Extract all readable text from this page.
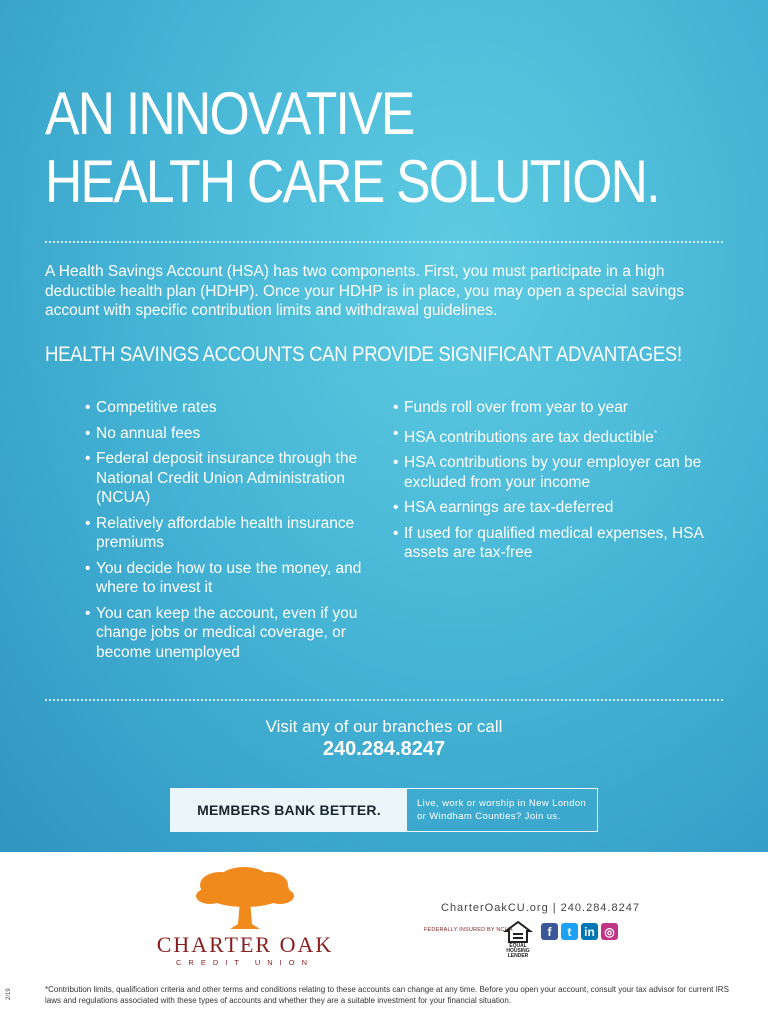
AN INNOVATIVE
HEALTH CARE SOLUTION.

A Health Savings Account (HSA) has two components. First, you must participate in a high deductible health plan (HDHP). Once your HDHP is in place, you may open a special savings account with specific contribution limits and withdrawal guidelines.

HEALTH SAVINGS ACCOUNTS CAN PROVIDE SIGNIFICANT ADVANTAGES!
• Competitive rates
• No annual fees
• Federal deposit insurance through the National Credit Union Administration (NCUA)
• Relatively affordable health insurance premiums
• You decide how to use the money, and where to invest it
• You can keep the account, even if you change jobs or medical coverage, or become unemployed
• Funds roll over from year to year
• HSA contributions are tax deductible*
• HSA contributions by your employer can be excluded from your income
• HSA earnings are tax-deferred
• If used for qualified medical expenses, HSA assets are tax-free
Visit any of our branches or call
240.284.8247
MEMBERS BANK BETTER.	Live, work or worship in New London or Windham Counties? Join us.
CHARTER OAK
CREDIT UNION
CharterOakCU.org | 240.284.8247
FEDERALLY INSURED BY NCUA
EQUAL HOUSING LENDER
f	t	in ◎

*Contribution limits, qualification criteria and other terms and conditions relating to these accounts can change at any time. Before you open your account, consult your tax advisor for current IRS laws and regulations associated with these types of accounts and whether they are a suitable investment for your financial situation.

2/19
